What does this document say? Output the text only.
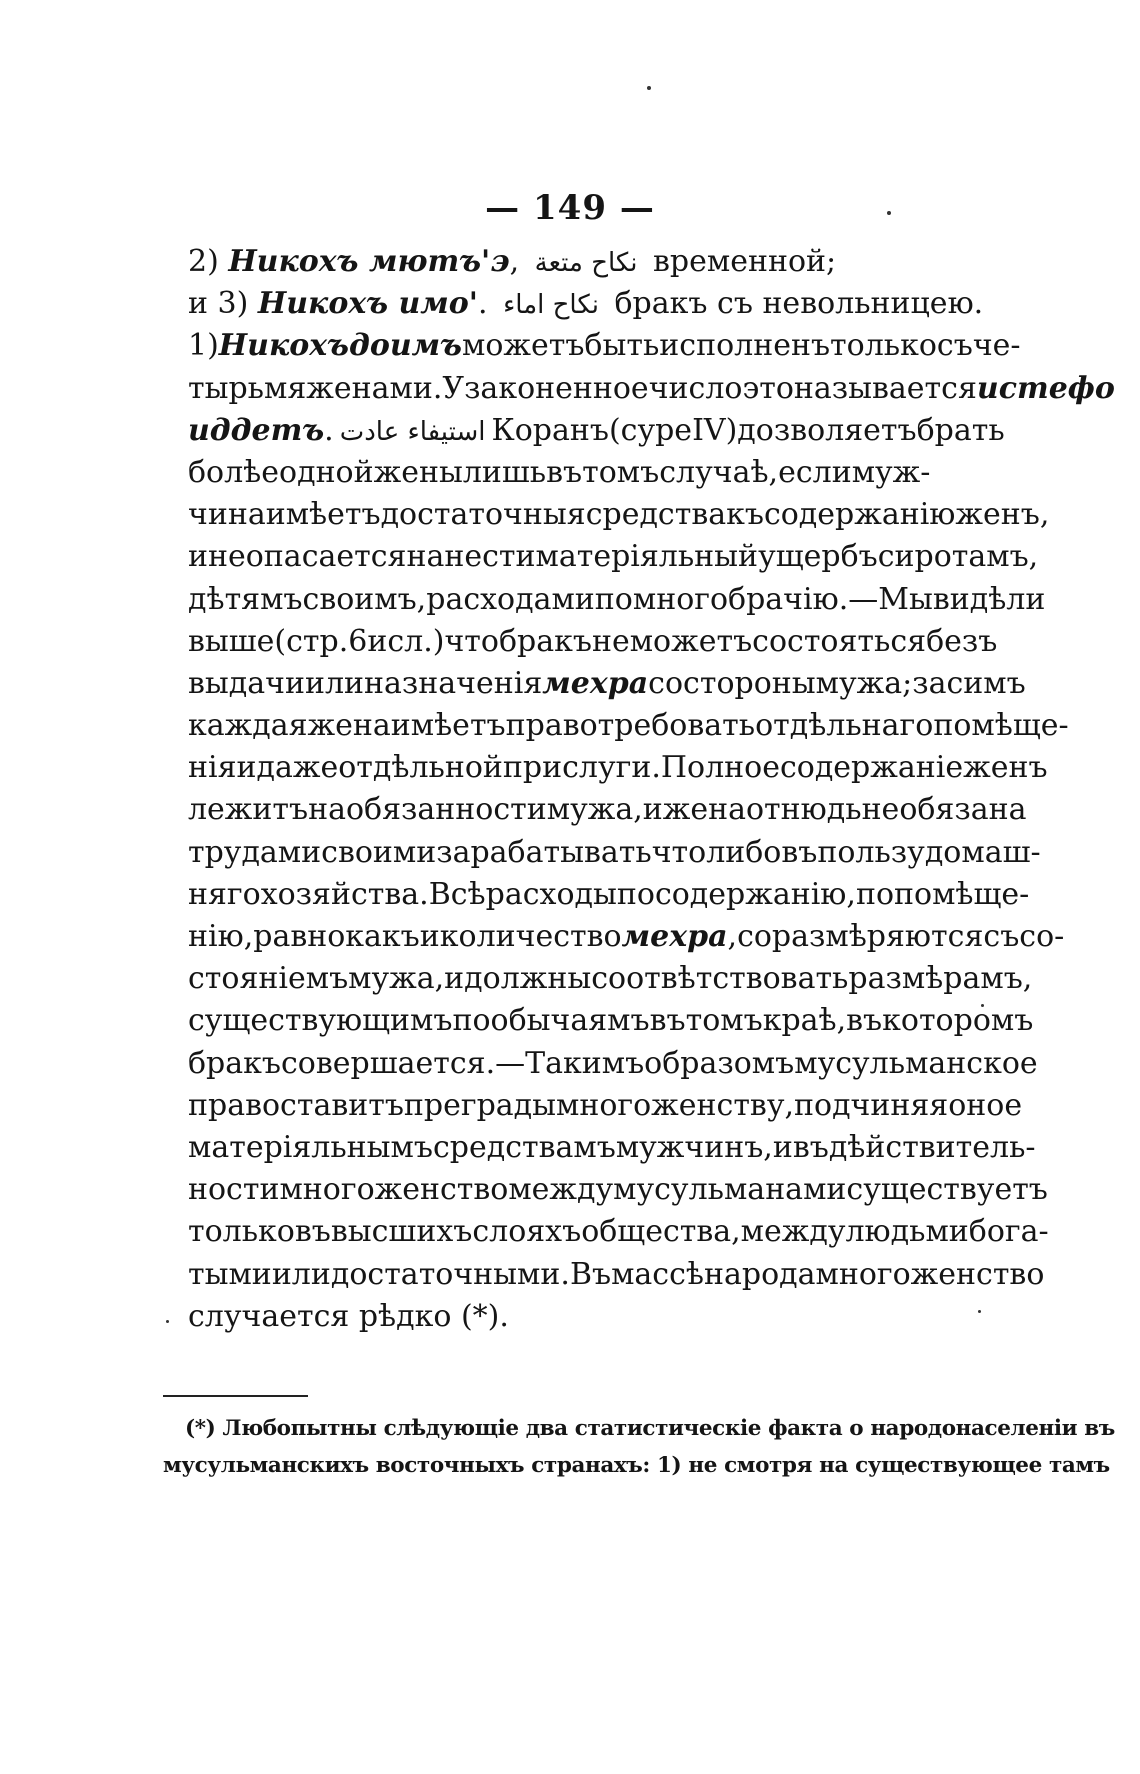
— 149 —
2) Никохъ мютъ'э , نكاح متعة временной;
и 3) Никохъ имо' . نكاح اماء бракъ съ невольницею.
1) Никохъ доимъ можетъ быть исполненъ только съ че-
тырьмя женами. Узаконенное число это называется истефо
иддетъ . استيفاء عادت Коранъ (суре IV) дозволяетъ брать
болѣе одной жены лишь въ томъ случаѣ, если муж-
чина имѣетъ достаточныя средства къ содержанію женъ,
и не опасается нанести матеріяльный ущербъ сиротамъ,
дѣтямъ своимъ, расходами по многобрачію.—Мы видѣли
выше (стр. 6 и сл.) что бракъ не можетъ состояться безъ
выдачи или назначенія мехра со стороны мужа; засимъ
каждая жена имѣетъ право требовать отдѣльнаго помѣще-
нія и даже отдѣльной прислуги. Полное содержаніе женъ
лежитъ на обязанности мужа, и жена отнюдь не обязана
трудами своими зарабатывать что либо въ пользу домаш-
няго хозяйства. Всѣ расходы по содержанію, по помѣще-
нію, равно какъ и количество мехра , соразмѣряются съ со-
стояніемъ мужа, и должны соотвѣтствовать размѣрамъ,
существующимъ по обычаямъ въ томъ краѣ, въ которомъ
бракъ совершается. — Такимъ образомъ мусульманское
право ставитъ преграды многоженству, подчиняя оное
матеріяльнымъ средствамъ мужчинъ, и въ дѣйствитель-
ности многоженство между мусульманами существуетъ
только въ высшихъ слояхъ общества, между людьми бога-
тыми или достаточными. Въ массѣ народа многоженство
случается рѣдко (*).
(*) Любопытны слѣдующіе два статистическіе факта о народонаселеніи въ
мусульманскихъ восточныхъ странахъ: 1) не смотря на существующее тамъ
